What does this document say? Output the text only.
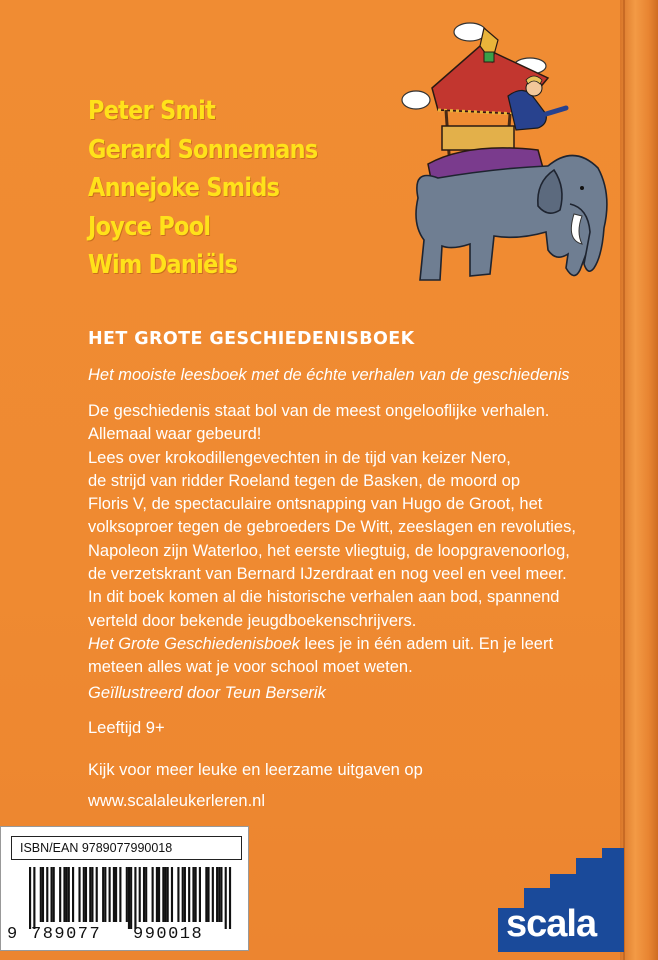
Peter Smit
Gerard Sonnemans
Annejoke Smids
Joyce Pool
Wim Daniëls
HET GROTE GESCHIEDENISBOEK
Het mooiste leesboek met de échte verhalen van de geschiedenis
De geschiedenis staat bol van de meest ongelooflijke verhalen.
Allemaal waar gebeurd!
Lees over krokodillengevechten in de tijd van keizer Nero,
de strijd van ridder Roeland tegen de Basken, de moord op
Floris V, de spectaculaire ontsnapping van Hugo de Groot, het
volksoproer tegen de gebroeders De Witt, zeeslagen en revoluties,
Napoleon zijn Waterloo, het eerste vliegtuig, de loopgravenoorlog,
de verzetskrant van Bernard IJzerdraat en nog veel en veel meer.
In dit boek komen al die historische verhalen aan bod, spannend
verteld door bekende jeugdboekenschrijvers.
Het Grote Geschiedenisboek lees je in één adem uit. En je leert
meteen alles wat je voor school moet weten.
Geïllustreerd door Teun Berserik
Leeftijd 9+
Kijk voor meer leuke en leerzame uitgaven op
www.scalaleukerleren.nl
ISBN/EAN 9789077990018
9 789077 990018	scala
